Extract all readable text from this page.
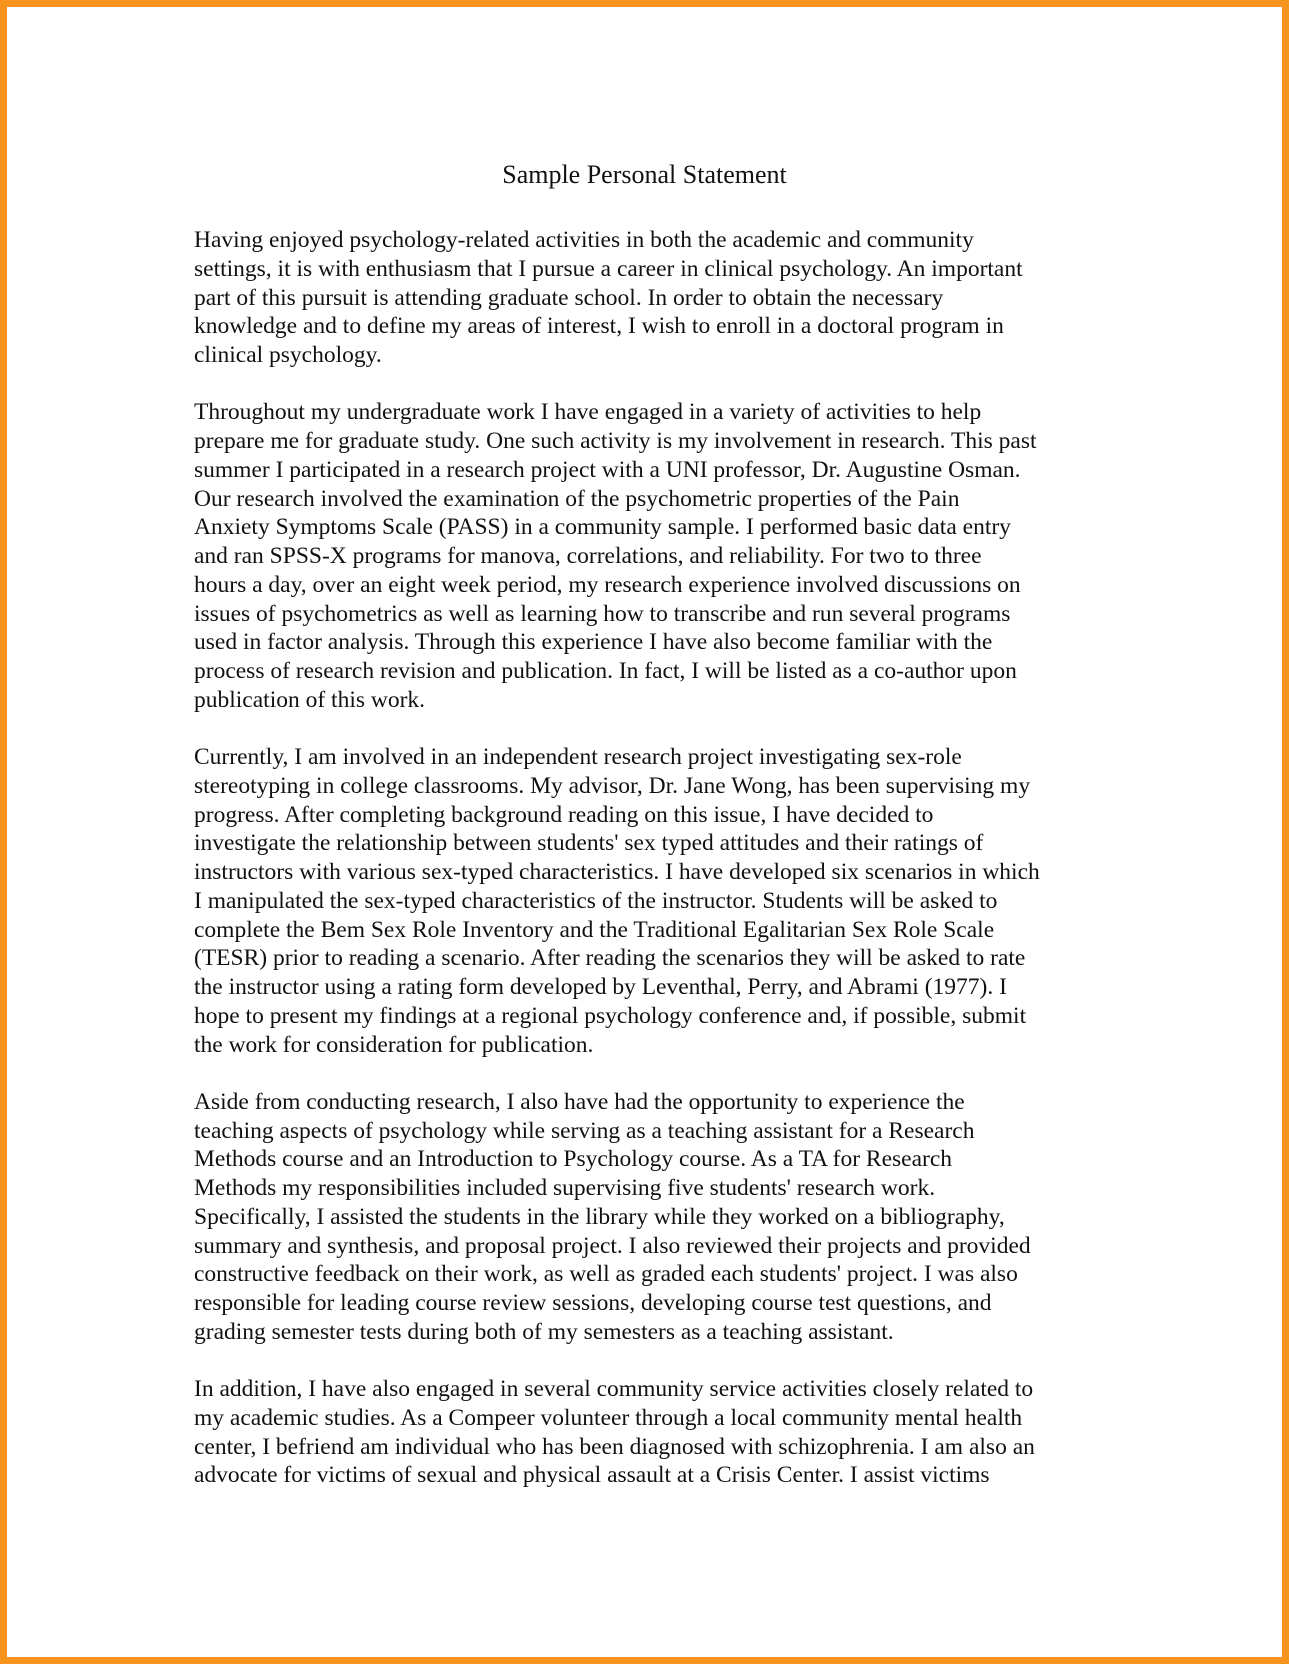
Sample Personal Statement

Having enjoyed psychology-related activities in both the academic and community
settings, it is with enthusiasm that I pursue a career in clinical psychology. An important
part of this pursuit is attending graduate school. In order to obtain the necessary
knowledge and to define my areas of interest, I wish to enroll in a doctoral program in
clinical psychology.

Throughout my undergraduate work I have engaged in a variety of activities to help
prepare me for graduate study. One such activity is my involvement in research. This past
summer I participated in a research project with a UNI professor, Dr. Augustine Osman.
Our research involved the examination of the psychometric properties of the Pain
Anxiety Symptoms Scale (PASS) in a community sample. I performed basic data entry
and ran SPSS-X programs for manova, correlations, and reliability. For two to three
hours a day, over an eight week period, my research experience involved discussions on
issues of psychometrics as well as learning how to transcribe and run several programs
used in factor analysis. Through this experience I have also become familiar with the
process of research revision and publication. In fact, I will be listed as a co-author upon
publication of this work.

Currently, I am involved in an independent research project investigating sex-role
stereotyping in college classrooms. My advisor, Dr. Jane Wong, has been supervising my
progress. After completing background reading on this issue, I have decided to
investigate the relationship between students' sex typed attitudes and their ratings of
instructors with various sex-typed characteristics. I have developed six scenarios in which
I manipulated the sex-typed characteristics of the instructor. Students will be asked to
complete the Bem Sex Role Inventory and the Traditional Egalitarian Sex Role Scale
(TESR) prior to reading a scenario. After reading the scenarios they will be asked to rate
the instructor using a rating form developed by Leventhal, Perry, and Abrami (1977). I
hope to present my findings at a regional psychology conference and, if possible, submit
the work for consideration for publication.

Aside from conducting research, I also have had the opportunity to experience the
teaching aspects of psychology while serving as a teaching assistant for a Research
Methods course and an Introduction to Psychology course. As a TA for Research
Methods my responsibilities included supervising five students' research work.
Specifically, I assisted the students in the library while they worked on a bibliography,
summary and synthesis, and proposal project. I also reviewed their projects and provided
constructive feedback on their work, as well as graded each students' project. I was also
responsible for leading course review sessions, developing course test questions, and
grading semester tests during both of my semesters as a teaching assistant.

In addition, I have also engaged in several community service activities closely related to
my academic studies. As a Compeer volunteer through a local community mental health
center, I befriend am individual who has been diagnosed with schizophrenia. I am also an
advocate for victims of sexual and physical assault at a Crisis Center. I assist victims
